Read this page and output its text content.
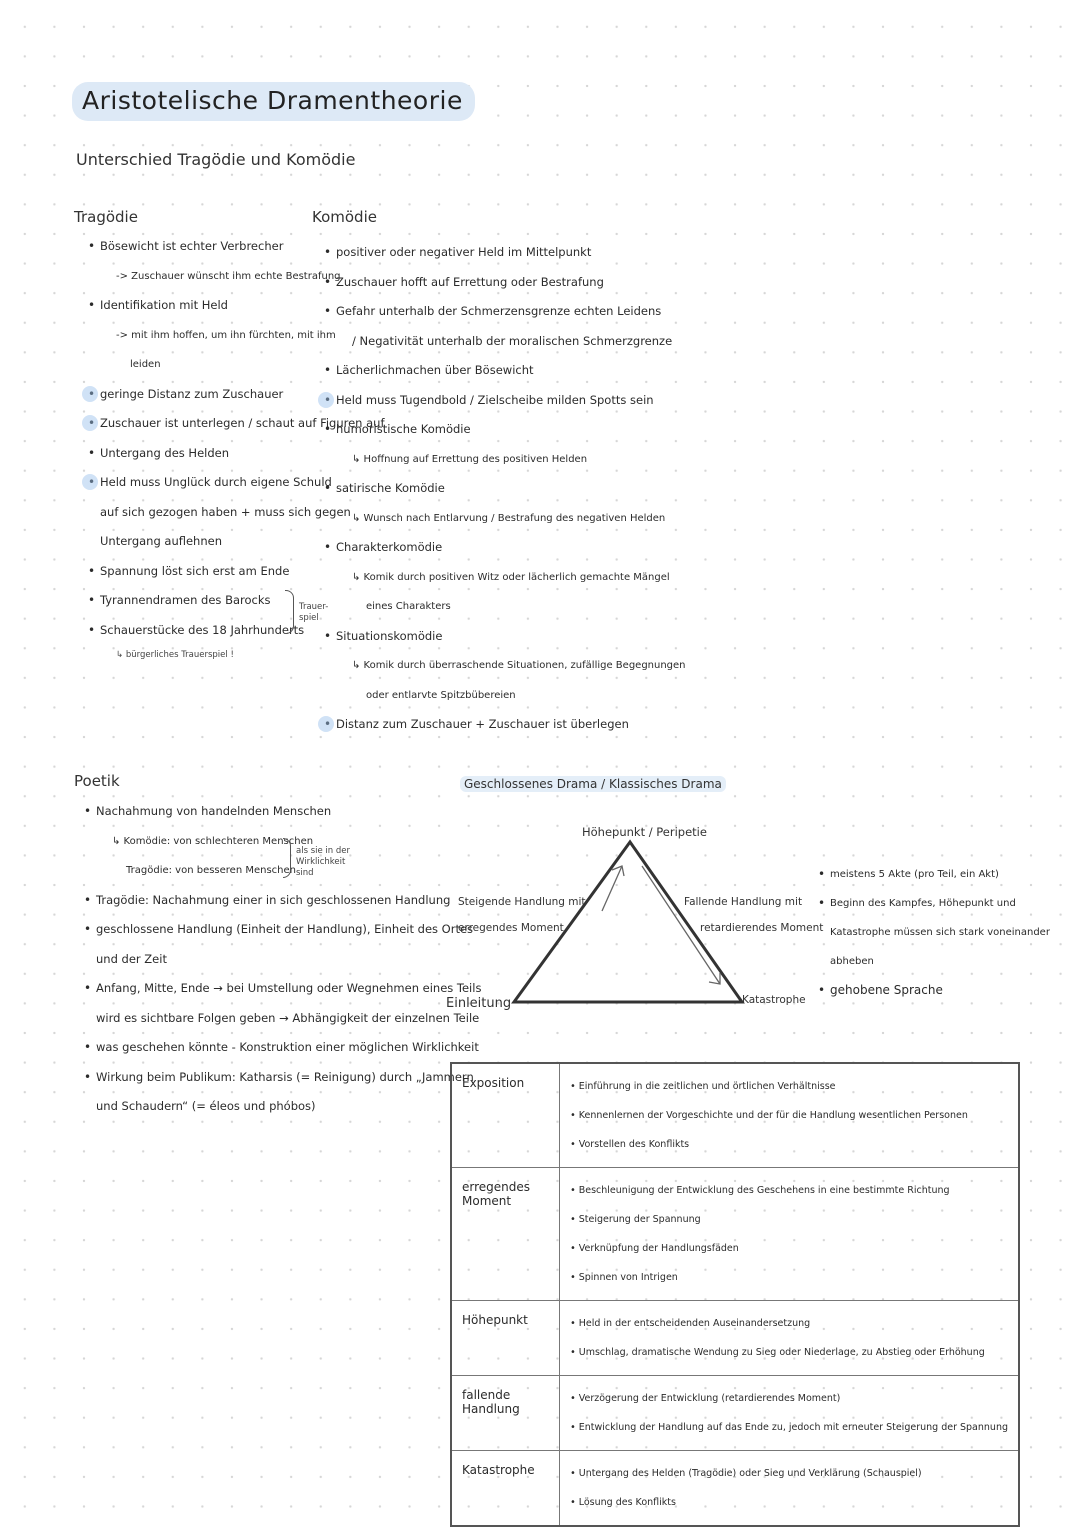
Aristotelische Dramentheorie
Unterschied Tragödie und Komödie
Tragödie
• Bösewicht ist echter Verbrecher
-> Zuschauer wünscht ihm echte Bestrafung
• Identifikation mit Held
-> mit ihm hoffen, um ihn fürchten, mit ihm
leiden
• geringe Distanz zum Zuschauer
• Zuschauer ist unterlegen / schaut auf Figuren auf
• Untergang des Helden
• Held muss Unglück durch eigene Schuld
auf sich gezogen haben + muss sich gegen
Untergang auflehnen
• Spannung löst sich erst am Ende
• Tyrannendramen des Barocks
• Schauerstücke des 18 Jahrhunderts
Trauer-spiel
↳ bürgerliches Trauerspiel !
Komödie
• positiver oder negativer Held im Mittelpunkt
• Zuschauer hofft auf Errettung oder Bestrafung
• Gefahr unterhalb der Schmerzensgrenze echten Leidens
/ Negativität unterhalb der moralischen Schmerzgrenze
• Lächerlichmachen über Bösewicht
• Held muss Tugendbold / Zielscheibe milden Spotts sein
• humoristische Komödie
↳ Hoffnung auf Errettung des positiven Helden
• satirische Komödie
↳ Wunsch nach Entlarvung / Bestrafung des negativen Helden
• Charakterkomödie
↳ Komik durch positiven Witz oder lächerlich gemachte Mängel
eines Charakters
• Situationskomödie
↳ Komik durch überraschende Situationen, zufällige Begegnungen
oder entlarvte Spitzbübereien
• Distanz zum Zuschauer + Zuschauer ist überlegen
Poetik
• Nachahmung von handelnden Menschen
↳ Komödie: von schlechteren Menschen
Tragödie: von besseren Menschen
• Tragödie: Nachahmung einer in sich geschlossenen Handlung
• geschlossene Handlung (Einheit der Handlung), Einheit des Ortes
und der Zeit
• Anfang, Mitte, Ende → bei Umstellung oder Wegnehmen eines Teils
wird es sichtbare Folgen geben → Abhängigkeit der einzelnen Teile
• was geschehen könnte - Konstruktion einer möglichen Wirklichkeit
• Wirkung beim Publikum: Katharsis (= Reinigung) durch „Jammern
und Schaudern“ (= éleos und phóbos)
als sie in der Wirklichkeit sind
Geschlossenes Drama / Klassisches Drama
Höhepunkt / Peripetie
Steigende Handlung mit
erregendes Moment
Fallende Handlung mit
retardierendes Moment
Einleitung	Katastrophe
• meistens 5 Akte (pro Teil, ein Akt)
• Beginn des Kampfes, Höhepunkt und
Katastrophe müssen sich stark voneinander
abheben
• gehobene Sprache
Exposition	• Einführung in die zeitlichen und örtlichen Verhältnisse
• Kennenlernen der Vorgeschichte und der für die Handlung wesentlichen Personen
• Vorstellen des Konflikts

erregendes Moment	• Beschleunigung der Entwicklung des Geschehens in eine bestimmte Richtung
• Steigerung der Spannung
• Verknüpfung der Handlungsfäden
• Spinnen von Intrigen

Höhepunkt	• Held in der entscheidenden Auseinandersetzung
• Umschlag, dramatische Wendung zu Sieg oder Niederlage, zu Abstieg oder Erhöhung

fallende Handlung	• Verzögerung der Entwicklung (retardierendes Moment)
• Entwicklung der Handlung auf das Ende zu, jedoch mit erneuter Steigerung der Spannung

Katastrophe	• Untergang des Helden (Tragödie) oder Sieg und Verklärung (Schauspiel)
• Lösung des Konflikts
